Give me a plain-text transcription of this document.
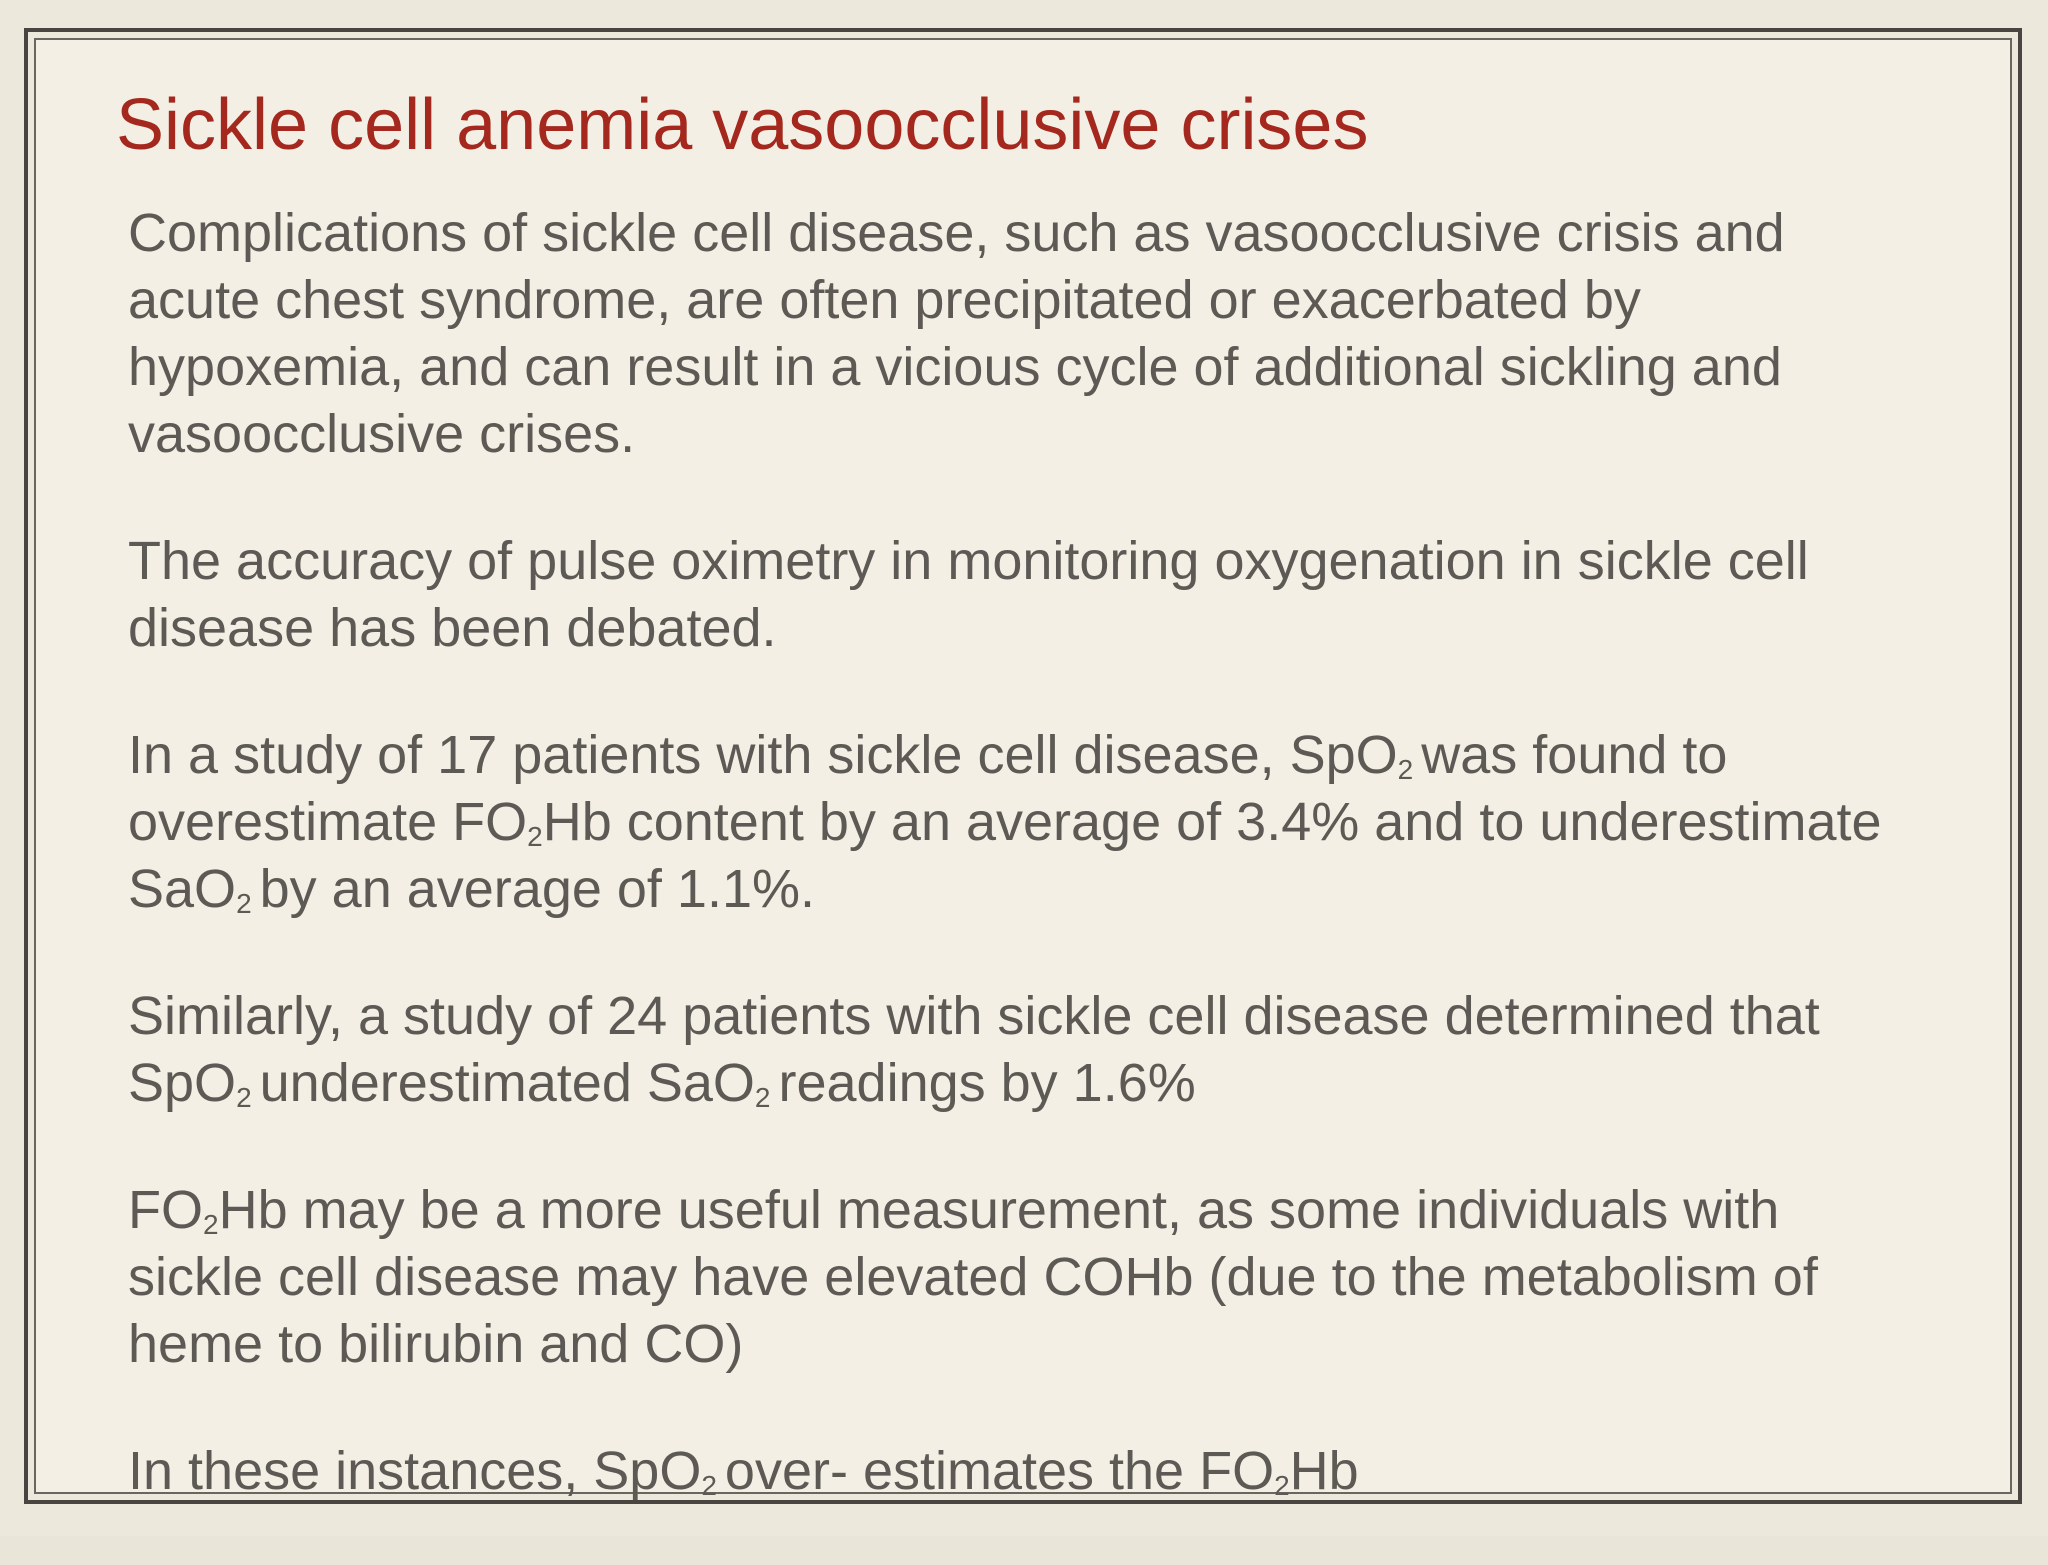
Sickle cell anemia vasoocclusive crises

Complications of sickle cell disease, such as vasoocclusive crisis and acute chest syndrome, are often precipitated or exacerbated by hypoxemia, and can result in a vicious cycle of additional sickling and vasoocclusive crises.

The accuracy of pulse oximetry in monitoring oxygenation in sickle cell disease has been debated.

In a study of 17 patients with sickle cell disease, SpO$_2$ was found to overestimate $FO_2Hb$ content by an average of 3.4% and to underestimate SaO$_2$ by an average of 1.1%.

Similarly, a study of 24 patients with sickle cell disease determined that SpO$_2$ underestimated SaO$_2$ readings by 1.6%

$FO_2Hb$ may be a more useful measurement, as some individuals with sickle cell disease may have elevated COHb (due to the metabolism of heme to bilirubin and CO)

In these instances, SpO$_2$ over- estimates the $FO_2Hb$
